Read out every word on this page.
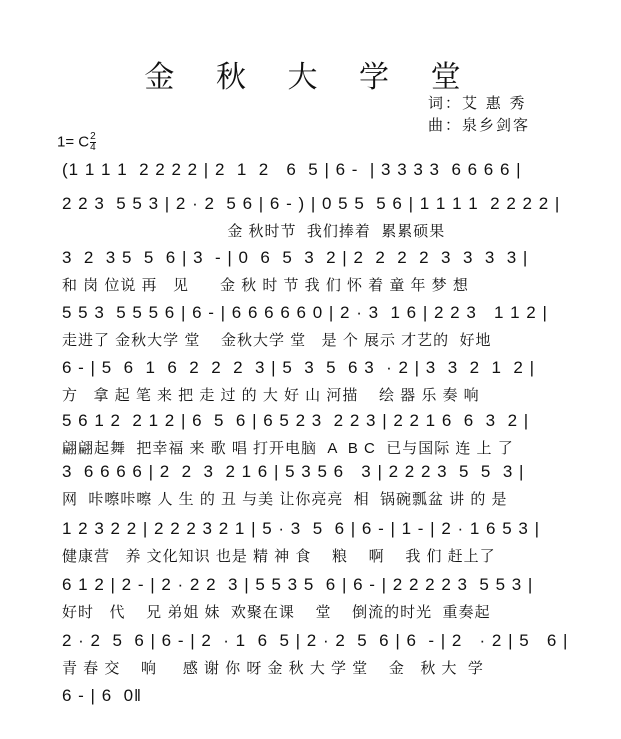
金 秋 大 学 堂
词：艾 惠 秀
曲：泉乡剑客
1= C $\frac{2}{4}$
(1 1 1 1  2 2 2 2 | 2  1  2   6  5 | 6 -  | 3 3 3 3  6 6 6 6 |
2 2 3  5 5 3 | 2 · 2  5 6 | 6 - ) | 0 5 5  5 6 | 1 1 1 1  2 2 2 2 |
金 秋时节  我们捧着  累累硕果
3  2  3 5  5  6 | 3  - | 0  6  5  3  2 | 2  2  2  2  3  3  3  3 |
和 岗 位说 再   见      金 秋 时 节 我 们 怀 着 童 年 梦 想
5 5 3  5 5 5 6 | 6 - | 6 6 6 6 6 0 | 2 · 3  1 6 | 2 2 3   1 1 2 |
走进了 金秋大学 堂    金秋大学 堂   是 个 展示 才艺的  好地
6 - | 5  6  1  6  2  2  2  3 | 5  3  5  6 3  · 2 | 3  3  2  1  2 |
方   拿 起 笔 来 把 走 过 的 大 好 山 河描    绘 器 乐 奏 响
5 6 1 2  2 1 2 | 6  5  6 | 6 5 2 3  2 2 3 | 2 2 1 6  6  3  2 |
翩翩起舞  把幸福 来 歌 唱 打开电脑  A  B C  已与国际 连 上 了
3  6 6 6 6 | 2  2  3  2 1 6 | 5 3 5 6   3 | 2 2 2 3  5  5  3 |
网  咔嚓咔嚓 人 生 的 丑 与美 让你亮亮  相  锅碗瓢盆 讲 的 是
1 2 3 2 2 | 2 2 2 3 2 1 | 5 · 3  5  6 | 6 - | 1 - | 2 · 1 6 5 3 |
健康营   养 文化知识 也是 精 神 食    粮    啊    我 们 赶上了
6 1 2 | 2 - | 2 · 2 2  3 | 5 5 3 5  6 | 6 - | 2 2 2 2 3  5 5 3 |
好时   代    兄 弟姐 妹  欢聚在课    堂    倒流的时光  重奏起
2 · 2  5  6 | 6 - | 2  · 1  6  5 | 2 · 2  5  6 | 6  - | 2   · 2 | 5   6 |
青 春 交    响     感 谢 你 呀 金 秋 大 学 堂    金   秋 大  学
6 - | 6  0‖
